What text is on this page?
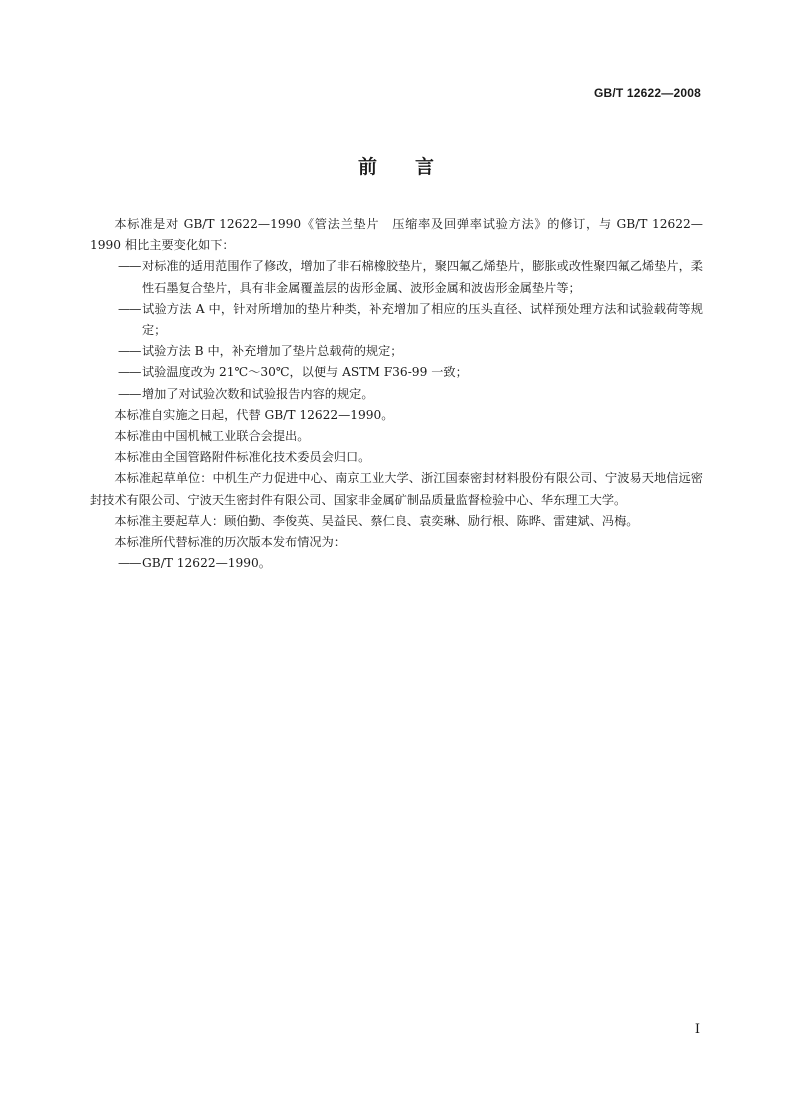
GB/T 12622—2008
前言

本标准是对 GB/T 12622—1990《管法兰垫片　压缩率及回弹率试验方法》的修订，与 GB/T 12622—1990 相比主要变化如下：

—— 对标准的适用范围作了修改，增加了非石棉橡胶垫片，聚四氟乙烯垫片，膨胀或改性聚四氟乙烯垫片，柔性石墨复合垫片，具有非金属覆盖层的齿形金属、波形金属和波齿形金属垫片等；

—— 试验方法 A 中，针对所增加的垫片种类，补充增加了相应的压头直径、试样预处理方法和试验载荷等规定；

—— 试验方法 B 中，补充增加了垫片总载荷的规定；

—— 试验温度改为 21℃～30℃，以便与 ASTM F36-99 一致；

—— 增加了对试验次数和试验报告内容的规定。

本标准自实施之日起，代替 GB/T 12622—1990。

本标准由中国机械工业联合会提出。

本标准由全国管路附件标准化技术委员会归口。

本标准起草单位：中机生产力促进中心、南京工业大学、浙江国泰密封材料股份有限公司、宁波易天地信远密封技术有限公司、宁波天生密封件有限公司、国家非金属矿制品质量监督检验中心、华东理工大学。

本标准主要起草人：顾伯勤、李俊英、吴益民、蔡仁良、袁奕琳、励行根、陈晔、雷建斌、冯梅。

本标准所代替标准的历次版本发布情况为：

—— GB/T 12622—1990。

I
